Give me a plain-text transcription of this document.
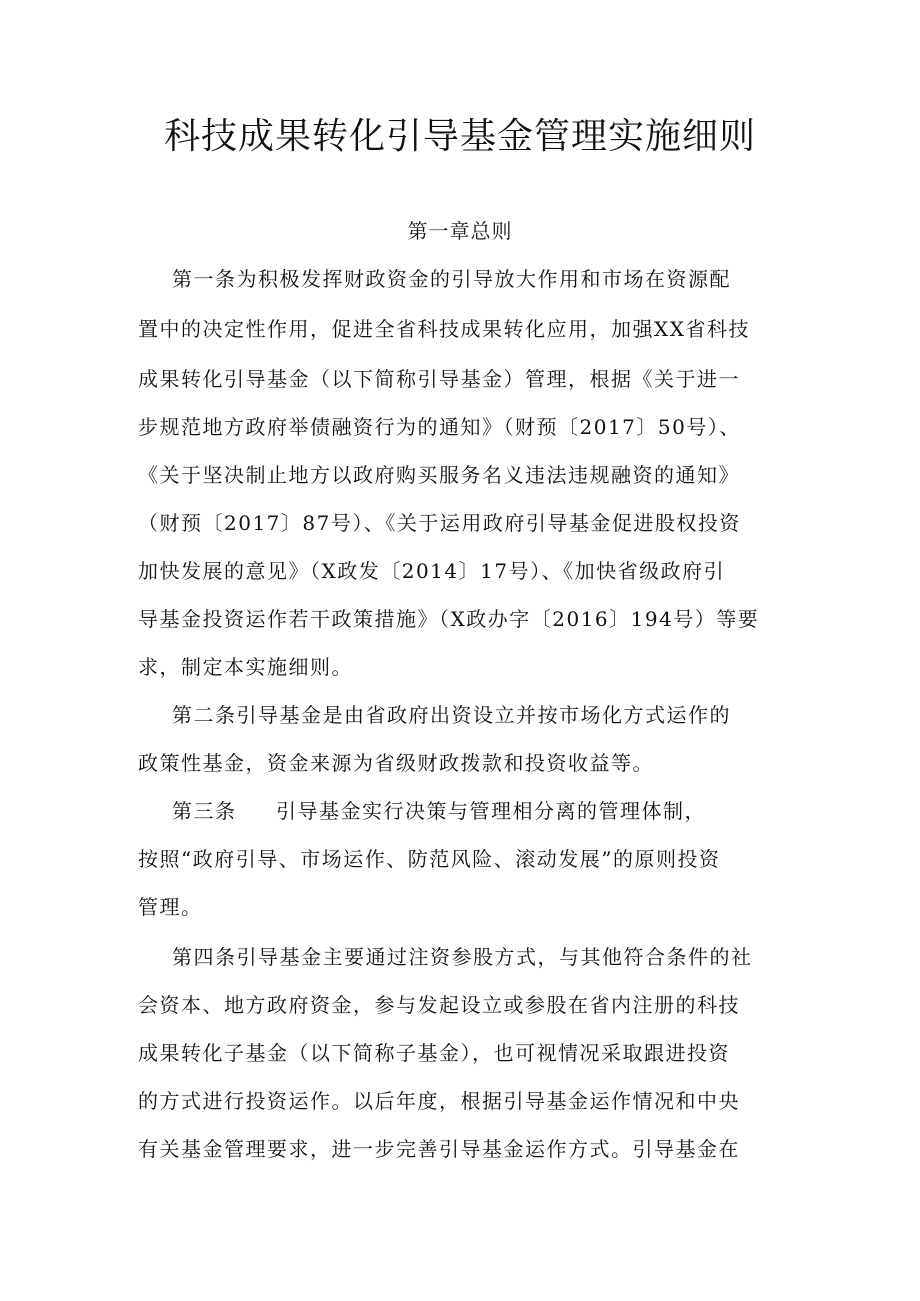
科技成果转化引导基金管理实施细则
第一章总则
第一条为积极发挥财政资金的引导放大作用和市场在资源配
置中的决定性作用，促进全省科技成果转化应用，加强XX省科技
成果转化引导基金（以下简称引导基金）管理，根据《关于进一
步规范地方政府举债融资行为的通知》（财预〔2017〕50号）、
《关于坚决制止地方以政府购买服务名义违法违规融资的通知》
（财预〔2017〕87号）、《关于运用政府引导基金促进股权投资
加快发展的意见》（X政发〔2014〕17号）、《加快省级政府引
导基金投资运作若干政策措施》（X政办字〔2016〕194号）等要
求，制定本实施细则。
第二条引导基金是由省政府出资设立并按市场化方式运作的
政策性基金，资金来源为省级财政拨款和投资收益等。
第三条 引导基金实行决策与管理相分离的管理体制，
按照“政府引导、市场运作、防范风险、滚动发展”的原则投资
管理。
第四条引导基金主要通过注资参股方式，与其他符合条件的社
会资本、地方政府资金，参与发起设立或参股在省内注册的科技
成果转化子基金（以下简称子基金），也可视情况采取跟进投资
的方式进行投资运作。以后年度，根据引导基金运作情况和中央
有关基金管理要求，进一步完善引导基金运作方式。引导基金在
